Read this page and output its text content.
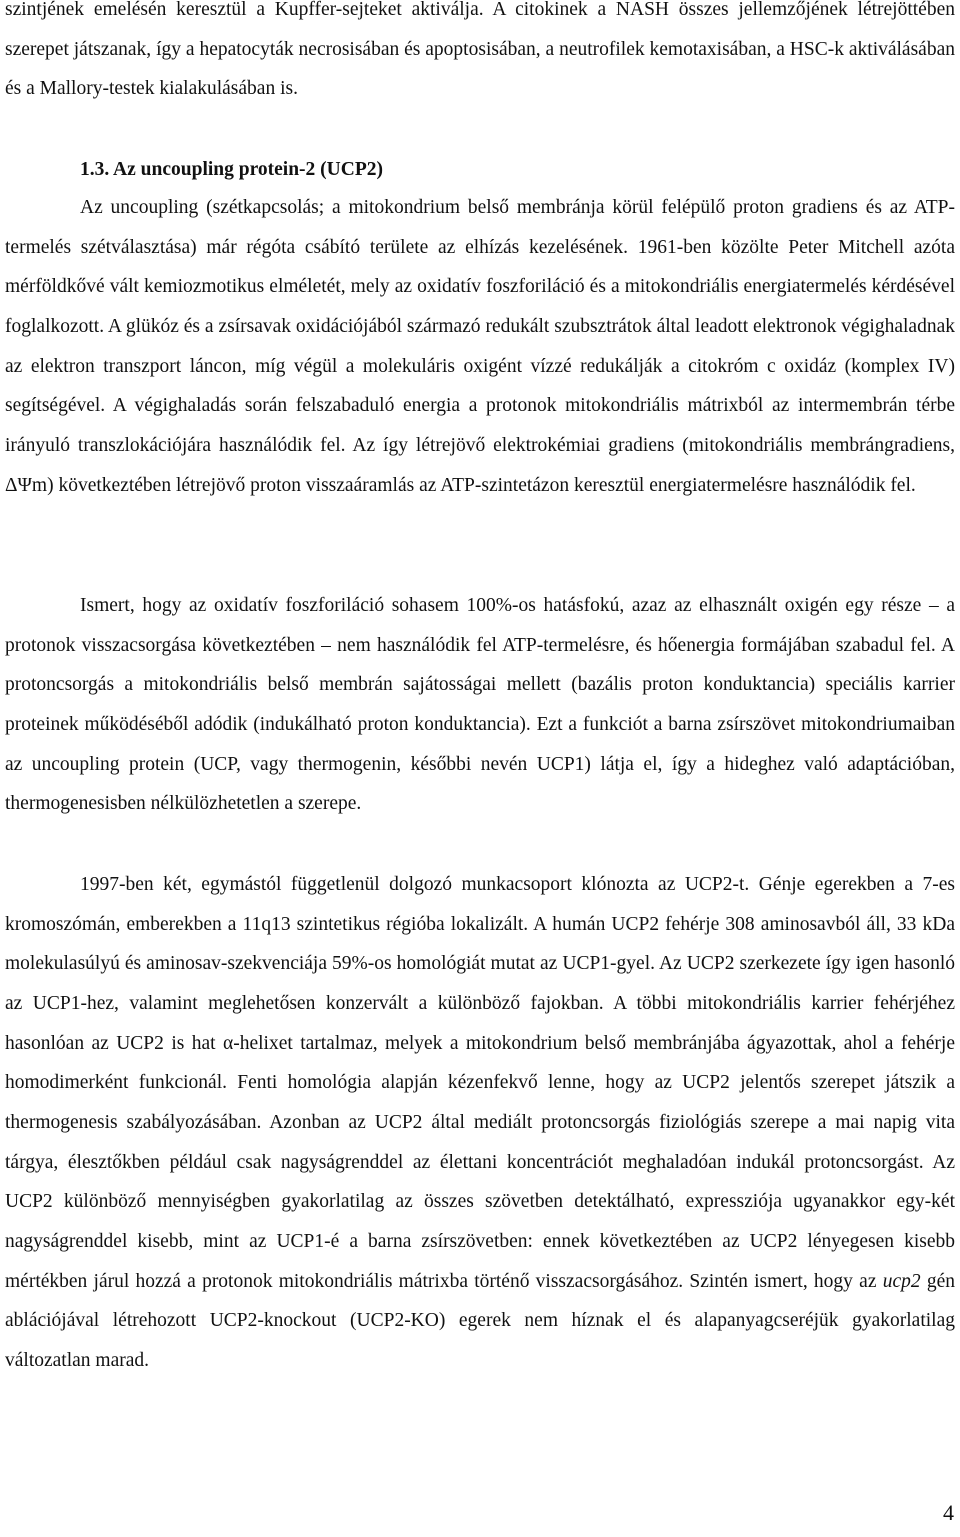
szintjének emelésén keresztül a Kupffer-sejteket aktiválja. A citokinek a NASH összes jellemzőjének létrejöttében szerepet játszanak, így a hepatocyták necrosisában és apoptosisában, a neutrofilek kemotaxisában, a HSC-k aktiválásában és a Mallory-testek kialakulásában is.

1.3. Az uncoupling protein-2 (UCP2)

Az uncoupling (szétkapcsolás; a mitokondrium belső membránja körül felépülő proton gradiens és az ATP-termelés szétválasztása) már régóta csábító területe az elhízás kezelésének. 1961-ben közölte Peter Mitchell azóta mérföldkővé vált kemiozmotikus elméletét, mely az oxidatív foszforiláció és a mitokondriális energiatermelés kérdésével foglalkozott. A glükóz és a zsírsavak oxidációjából származó redukált szubsztrátok által leadott elektronok végighaladnak az elektron transzport láncon, míg végül a molekuláris oxigént vízzé redukálják a citokróm c oxidáz (komplex IV) segítségével. A végighaladás során felszabaduló energia a protonok mitokondriális mátrixból az intermembrán térbe irányuló transzlokációjára használódik fel. Az így létrejövő elektrokémiai gradiens (mitokondriális membrángradiens, ΔΨm) következtében létrejövő proton visszaáramlás az ATP-szintetázon keresztül energiatermelésre használódik fel.

Ismert, hogy az oxidatív foszforiláció sohasem 100%-os hatásfokú, azaz az elhasznált oxigén egy része – a protonok visszacsorgása következtében – nem használódik fel ATP-termelésre, és hőenergia formájában szabadul fel. A protoncsorgás a mitokondriális belső membrán sajátosságai mellett (bazális proton konduktancia) speciális karrier proteinek működéséből adódik (indukálható proton konduktancia). Ezt a funkciót a barna zsírszövet mitokondriumaiban az uncoupling protein (UCP, vagy thermogenin, későbbi nevén UCP1) látja el, így a hideghez való adaptációban, thermogenesisben nélkülözhetetlen a szerepe.

1997-ben két, egymástól függetlenül dolgozó munkacsoport klónozta az UCP2-t. Génje egerekben a 7-es kromoszómán, emberekben a 11q13 szintetikus régióba lokalizált. A humán UCP2 fehérje 308 aminosavból áll, 33 kDa molekulasúlyú és aminosav-szekvenciája 59%-os homológiát mutat az UCP1-gyel. Az UCP2 szerkezete így igen hasonló az UCP1-hez, valamint meglehetősen konzervált a különböző fajokban. A többi mitokondriális karrier fehérjéhez hasonlóan az UCP2 is hat α-helixet tartalmaz, melyek a mitokondrium belső membránjába ágyazottak, ahol a fehérje homodimerként funkcionál. Fenti homológia alapján kézenfekvő lenne, hogy az UCP2 jelentős szerepet játszik a thermogenesis szabályozásában. Azonban az UCP2 által mediált protoncsorgás fiziológiás szerepe a mai napig vita tárgya, élesztőkben például csak nagyságrenddel az élettani koncentrációt meghaladóan indukál protoncsorgást. Az UCP2 különböző mennyiségben gyakorlatilag az összes szövetben detektálható, expressziója ugyanakkor egy-két nagyságrenddel kisebb, mint az UCP1-é a barna zsírszövetben: ennek következtében az UCP2 lényegesen kisebb mértékben járul hozzá a protonok mitokondriális mátrixba történő visszacsorgásához. Szintén ismert, hogy az ucp2 gén ablációjával létrehozott UCP2-knockout (UCP2-KO) egerek nem híznak el és alapanyagcseréjük gyakorlatilag változatlan marad.

4
